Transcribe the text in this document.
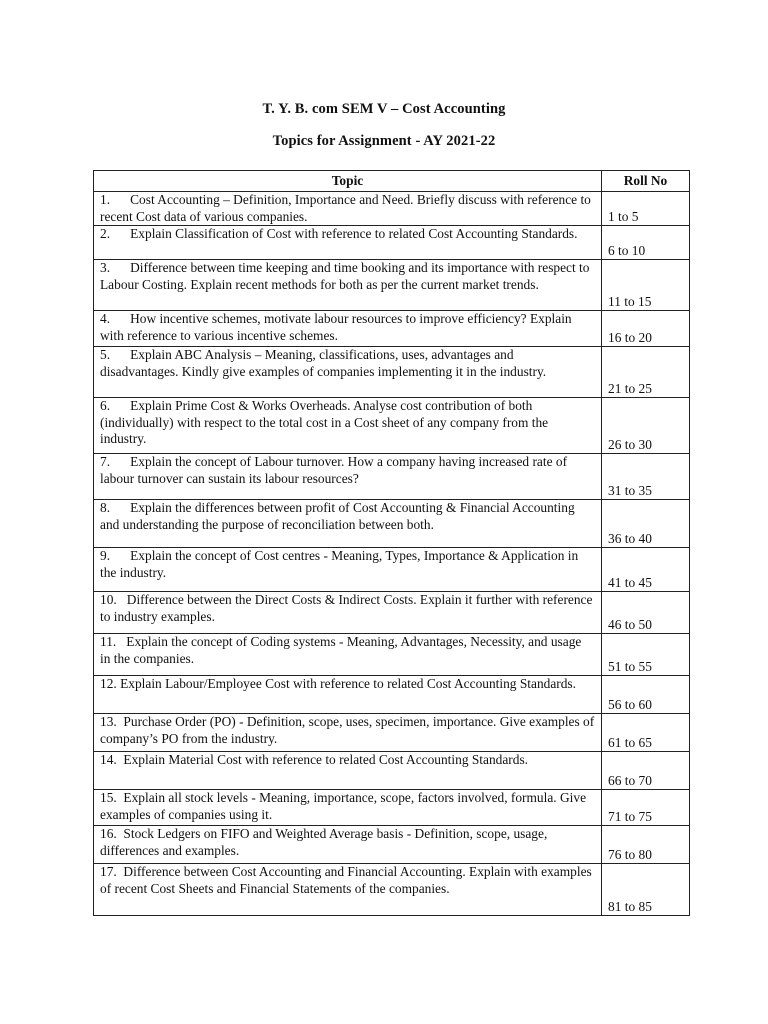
T. Y. B. com SEM V – Cost Accounting
Topics for Assignment - AY 2021-22
Topic	Roll No
1.      Cost Accounting – Definition, Importance and Need. Briefly discuss with reference to recent Cost data of various companies.	1 to 5
2.      Explain Classification of Cost with reference to related Cost Accounting Standards.	6 to 10
3.      Difference between time keeping and time booking and its importance with respect to Labour Costing. Explain recent methods for both as per the current market trends.	11 to 15
4.      How incentive schemes, motivate labour resources to improve efficiency? Explain with reference to various incentive schemes.	16 to 20
5.      Explain ABC Analysis – Meaning, classifications, uses, advantages and disadvantages. Kindly give examples of companies implementing it in the industry.	21 to 25
6.      Explain Prime Cost & Works Overheads. Analyse cost contribution of both (individually) with respect to the total cost in a Cost sheet of any company from the industry.	26 to 30
7.      Explain the concept of Labour turnover. How a company having increased rate of labour turnover can sustain its labour resources?	31 to 35
8.      Explain the differences between profit of Cost Accounting & Financial Accounting and understanding the purpose of reconciliation between both.	36 to 40
9.      Explain the concept of Cost centres - Meaning, Types, Importance & Application in the industry.	41 to 45
10.   Difference between the Direct Costs & Indirect Costs. Explain it further with reference to industry examples.	46 to 50
11.   Explain the concept of Coding systems - Meaning, Advantages, Necessity, and usage in the companies.	51 to 55
12. Explain Labour/Employee Cost with reference to related Cost Accounting Standards.	56 to 60
13.  Purchase Order (PO) - Definition, scope, uses, specimen, importance. Give examples of company’s PO from the industry.	61 to 65
14.  Explain Material Cost with reference to related Cost Accounting Standards.	66 to 70
15.  Explain all stock levels - Meaning, importance, scope, factors involved, formula. Give examples of companies using it.	71 to 75
16.  Stock Ledgers on FIFO and Weighted Average basis - Definition, scope, usage, differences and examples.	76 to 80
17.  Difference between Cost Accounting and Financial Accounting. Explain with examples of recent Cost Sheets and Financial Statements of the companies.	81 to 85
